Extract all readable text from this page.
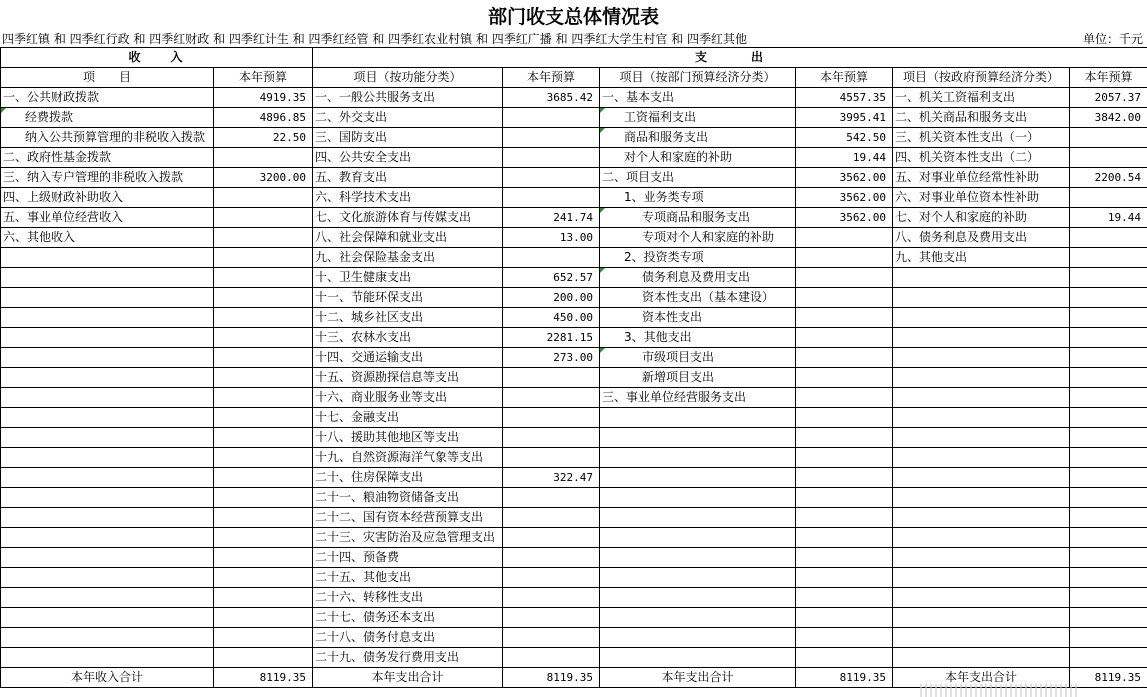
部门收支总体情况表
四季红镇 和 四季红行政 和 四季红财政 和 四季红计生 和 四季红经管 和 四季红农业村镇 和 四季红广播 和 四季红大学生村官 和 四季红其他	单位：千元
收　　入		支　　　出					
项　　目	本年预算	项目（按功能分类）	本年预算	项目（按部门预算经济分类）	本年预算	项目（按政府预算经济分类）	本年预算
一、公共财政拨款	4919.35	一、一般公共服务支出	3685.42	一、基本支出	4557.35	一、机关工资福利支出	2057.37
经费拨款	4896.85	二、外交支出		工资福利支出	3995.41	二、机关商品和服务支出	3842.00
纳入公共预算管理的非税收入拨款	22.50	三、国防支出		商品和服务支出	542.50	三、机关资本性支出（一）	
二、政府性基金拨款		四、公共安全支出		对个人和家庭的补助	19.44	四、机关资本性支出（二）	
三、纳入专户管理的非税收入拨款	3200.00	五、教育支出		二、项目支出	3562.00	五、对事业单位经常性补助	2200.54
四、上级财政补助收入		六、科学技术支出		1、业务类专项	3562.00	六、对事业单位资本性补助	
五、事业单位经营收入		七、文化旅游体育与传媒支出	241.74	专项商品和服务支出	3562.00	七、对个人和家庭的补助	19.44
六、其他收入		八、社会保障和就业支出	13.00	专项对个人和家庭的补助		八、债务利息及费用支出	
		九、社会保险基金支出		2、投资类专项		九、其他支出	
		十、卫生健康支出	652.57	债务利息及费用支出			
		十一、节能环保支出	200.00	资本性支出（基本建设）			
		十二、城乡社区支出	450.00	资本性支出			
		十三、农林水支出	2281.15	3、其他支出			
		十四、交通运输支出	273.00	市级项目支出			
		十五、资源勘探信息等支出		新增项目支出			
		十六、商业服务业等支出		三、事业单位经营服务支出			
		十七、金融支出					
		十八、援助其他地区等支出					
		十九、自然资源海洋气象等支出					
		二十、住房保障支出	322.47				
		二十一、粮油物资储备支出					
		二十二、国有资本经营预算支出					
		二十三、灾害防治及应急管理支出					
		二十四、预备费					
		二十五、其他支出					
		二十六、转移性支出					
		二十七、债务还本支出					
		二十八、债务付息支出					
		二十九、债务发行费用支出					
本年收入合计	8119.35	本年支出合计	8119.35	本年支出合计	8119.35	本年支出合计	8119.35
